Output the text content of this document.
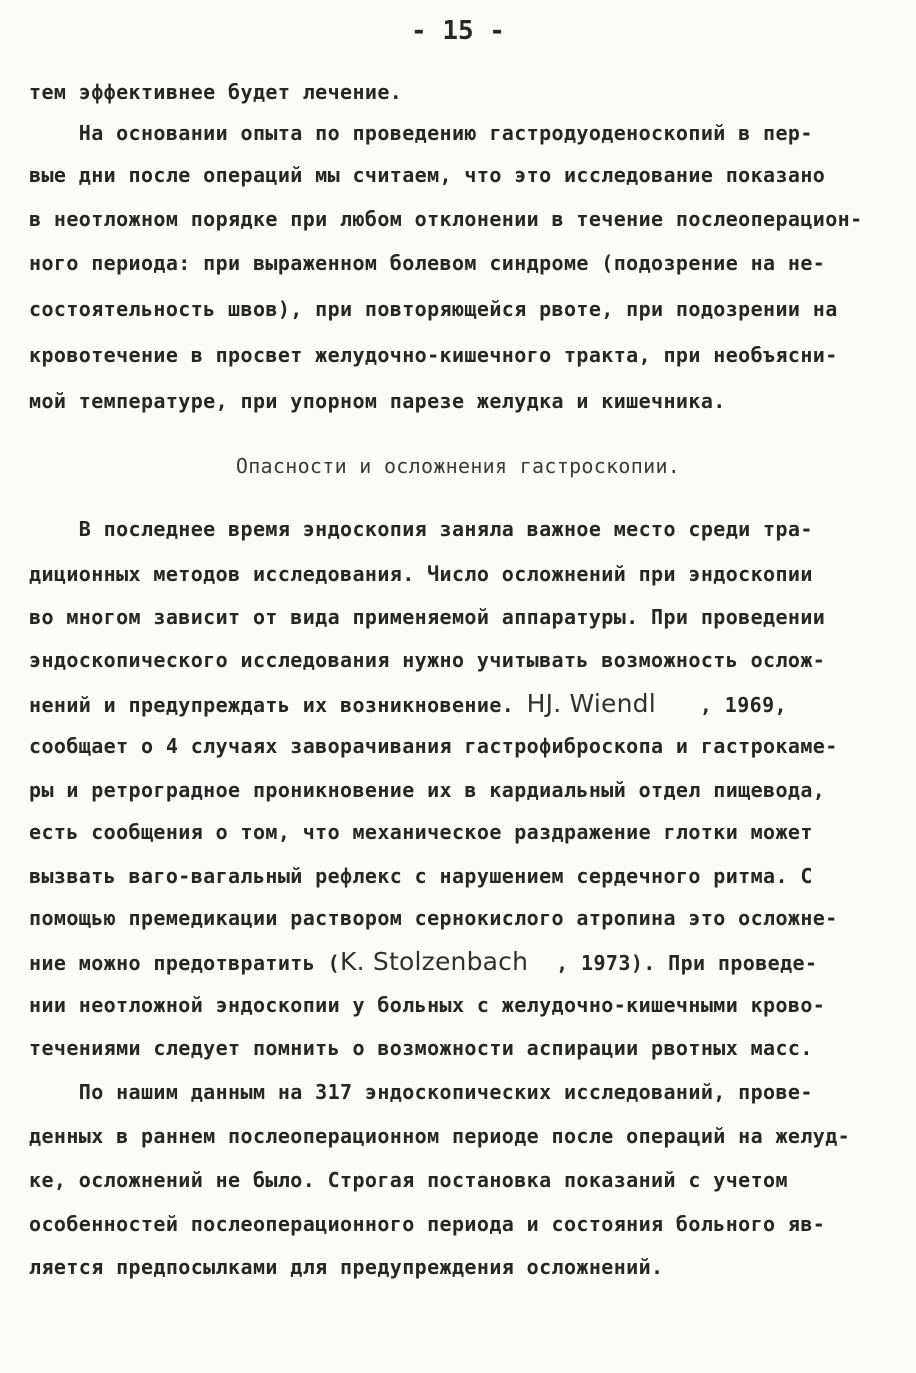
- 15 -
тем эффективнее будет лечение.
На основании опыта по проведению гастродуоденоскопий в пер-
вые дни после операций мы считаем, что это исследование показано
в неотложном порядке при любом отклонении в течение послеоперацион-
ного периода: при выраженном болевом синдроме (подозрение на не-
состоятельность швов), при повторяющейся рвоте, при подозрении на
кровотечение в просвет желудочно-кишечного тракта, при необъясни-
мой температуре, при упорном парезе желудка и кишечника.
Опасности и осложнения гастроскопии.
В последнее время эндоскопия заняла важное место среди тра-
диционных методов исследования. Число осложнений при эндоскопии
во многом зависит от вида применяемой аппаратуры. При проведении
эндоскопического исследования нужно учитывать возможность ослож-
нений и предупреждать их возникновение. HJ. Wiendl , 1969,
сообщает о 4 случаях заворачивания гастрофиброскопа и гастрокаме-
ры и ретроградное проникновение их в кардиальный отдел пищевода,
есть сообщения о том, что механическое раздражение глотки может
вызвать ваго-вагальный рефлекс с нарушением сердечного ритма. С
помощью премедикации раствором сернокислого атропина это осложне-
ние можно предотвратить (K. Stolzenbach , 1973). При проведе-
нии неотложной эндоскопии у больных с желудочно-кишечными крово-
течениями следует помнить о возможности аспирации рвотных масс.
По нашим данным на 317 эндоскопических исследований, прове-
денных в раннем послеоперационном периоде после операций на желуд-
ке, осложнений не было. Строгая постановка показаний с учетом
особенностей послеоперационного периода и состояния больного яв-
ляется предпосылками для предупреждения осложнений.
